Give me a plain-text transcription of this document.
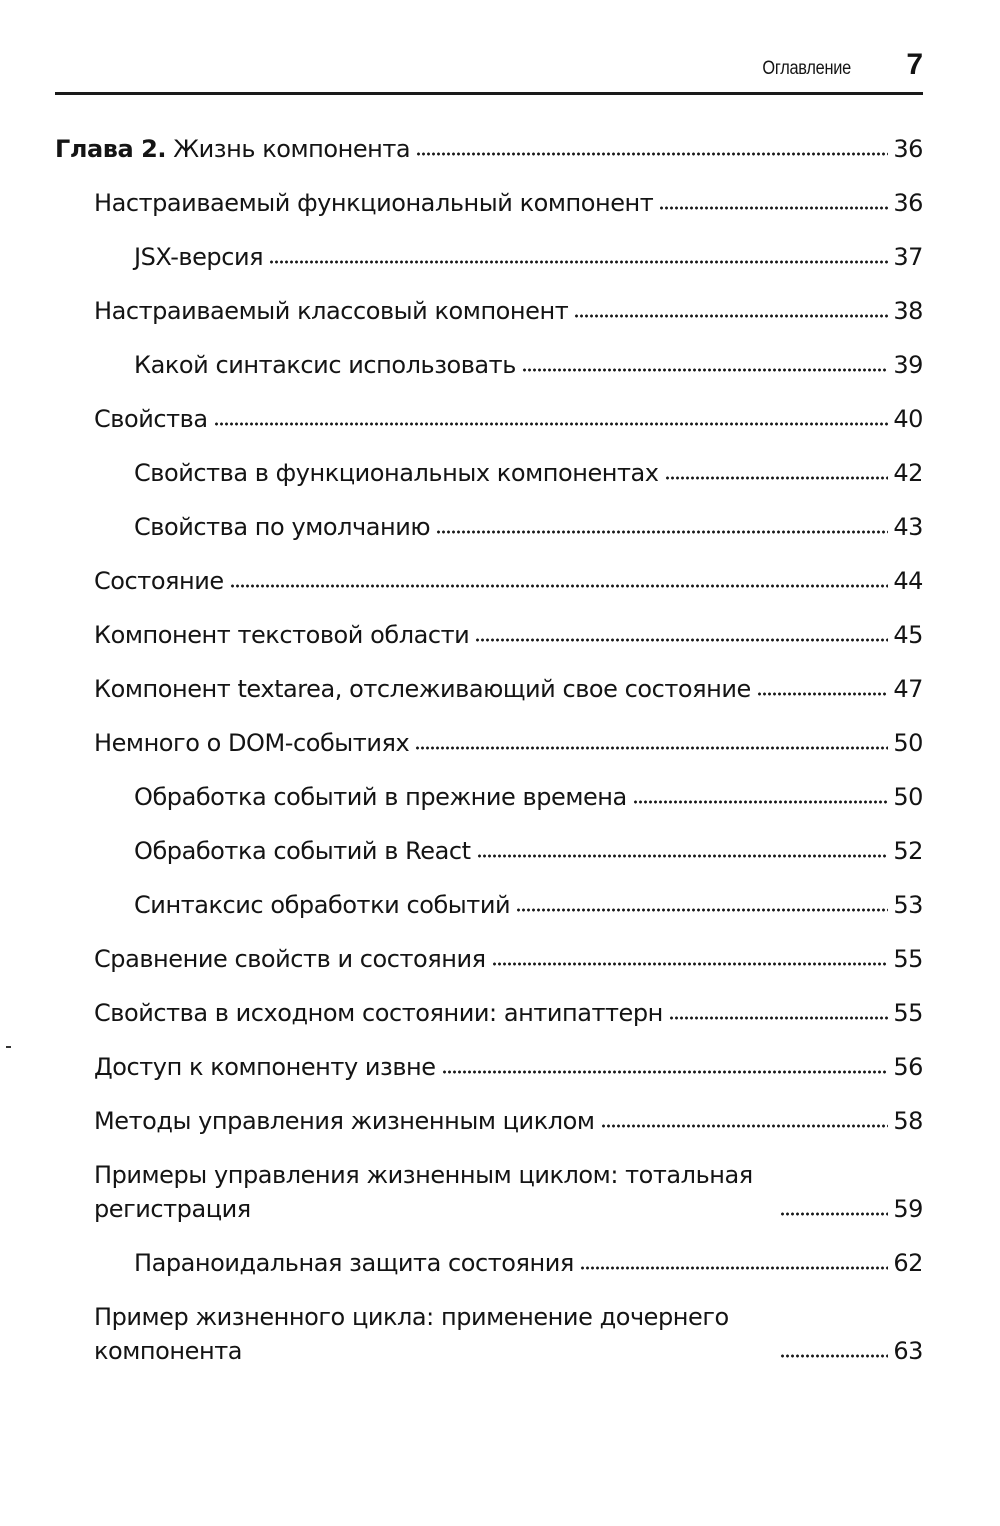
Оглавление 7
Глава 2. Жизнь компонента	36
Настраиваемый функциональный компонент	36
JSX-версия	37
Настраиваемый классовый компонент	38
Какой синтаксис использовать	39
Свойства	40
Свойства в функциональных компонентах	42
Свойства по умолчанию	43
Состояние	44
Компонент текстовой области	45
Компонент textarea, отслеживающий свое состояние	47
Немного о DOM-событиях	50
Обработка событий в прежние времена	50
Обработка событий в React	52
Синтаксис обработки событий	53
Сравнение свойств и состояния	55
Свойства в исходном состоянии: антипаттерн	55
Доступ к компоненту извне	56
Методы управления жизненным циклом	58
Примеры управления жизненным циклом: тотальная регистрация	59
Параноидальная защита состояния	62
Пример жизненного цикла: применение дочернего компонента	63
